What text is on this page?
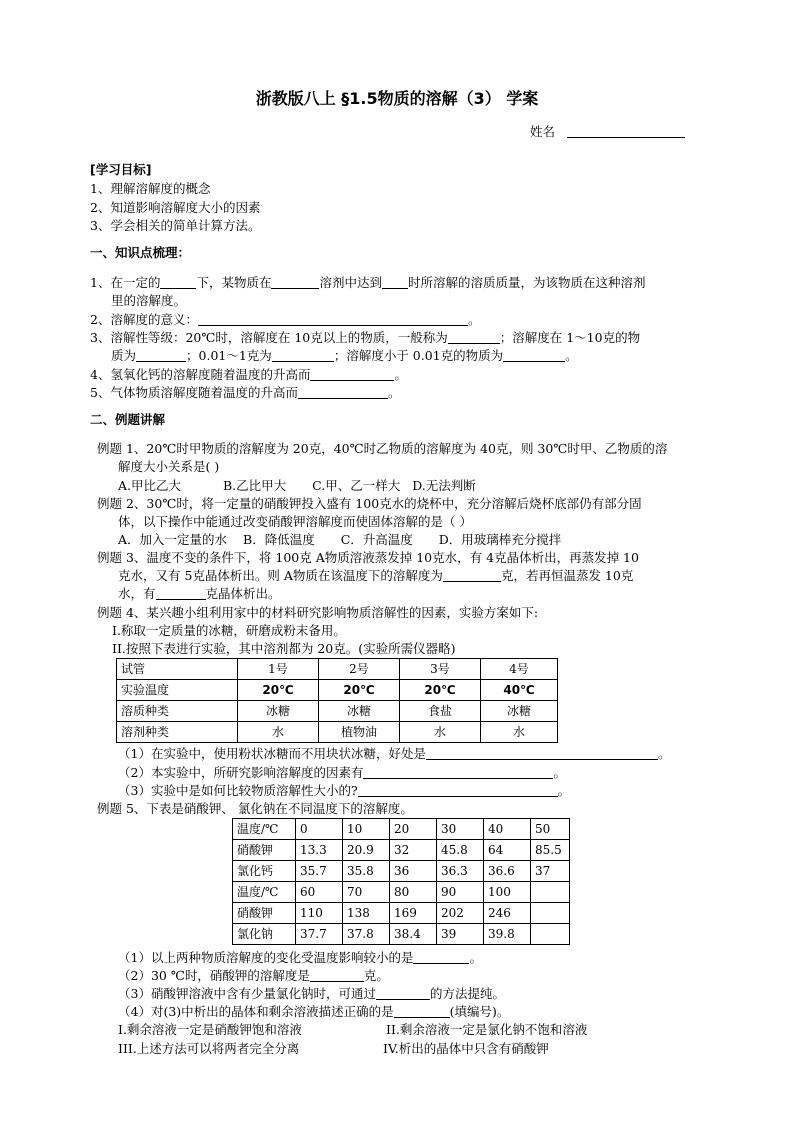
浙教版八上 §1.5物质的溶解（3） 学案
姓名
[学习目标]
1、理解溶解度的概念
2、知道影响溶解度大小的因素
3、学会相关的简单计算方法。
一、知识点梳理：
1、在一定的	下，某物质在	溶剂中达到 时所溶解的溶质质量，为该物质在这种溶剂
里的溶解度。
2、溶解度的意义：	。
3、溶解性等级：20℃时，溶解度在 10克以上的物质，一般称为	；溶解度在 1～10克的物
质为	；0.01～1克为	；溶解度小于 0.01克的物质为	。
4、氢氧化钙的溶解度随着温度的升高而	。
5、气体物质溶解度随着温度的升高而	。
二、例题讲解
例题 1、20℃时甲物质的溶解度为 20克，40℃时乙物质的溶解度为 40克，则 30℃时甲、乙物质的溶
解度大小关系是( )
A.甲比乙大	B.乙比甲大 C.甲、乙一样大 D.无法判断
例题 2、30℃时，将一定量的硝酸钾投入盛有 100克水的烧杯中，充分溶解后烧杯底部仍有部分固
体，以下操作中能通过改变硝酸钾溶解度而使固体溶解的是（ ）
A．加入一定量的水 B．降低温度 C．升高温度 D．用玻璃棒充分搅拌
例题 3、温度不变的条件下，将 100克 A物质溶液蒸发掉 10克水，有 4克晶体析出，再蒸发掉 10
克水，又有 5克晶体析出。则 A物质在该温度下的溶解度为	克，若再恒温蒸发 10克
水，有	克晶体析出。
例题 4、某兴趣小组利用家中的材料研究影响物质溶解性的因素，实验方案如下:
I.称取一定质量的冰糖，研磨成粉末备用。
II.按照下表进行实验，其中溶剂都为 20克。(实验所需仪器略)
试管	1号	2号	3号	4号
实验温度	20℃	20℃	20℃	40℃
溶质种类	冰糖	冰糖	食盐	冰糖
溶剂种类	水	植物油	水	水
（1）在实验中，使用粉状冰糖而不用块状冰糖，好处是	。
（2）本实验中，所研究影响溶解度的因素有	。
（3）实验中是如何比较物质溶解性大小的?	。
例题 5、下表是硝酸钾、 氯化钠在不同温度下的溶解度。
温度/℃	0	10	20	30	40	50
硝酸钾	13.3	20.9	32	45.8	64	85.5
氯化钙	35.7	35.8	36	36.3	36.6	37
温度/℃	60	70	80	90	100	
硝酸钾	110	138	169	202	246	
氯化钠	37.7	37.8	38.4	39	39.8	
（1）以上两种物质溶解度的变化受温度影响较小的是	。
（2）30 ℃时，硝酸钾的溶解度是	克。
（3）硝酸钾溶液中含有少量氯化钠时，可通过	的方法提纯。
（4）对(3)中析出的晶体和剩余溶液描述正确的是	(填编号)。
I.剩余溶液一定是硝酸钾饱和溶液	II.剩余溶液一定是氯化钠不饱和溶液
III.上述方法可以将两者完全分离	IV.析出的晶体中只含有硝酸钾
